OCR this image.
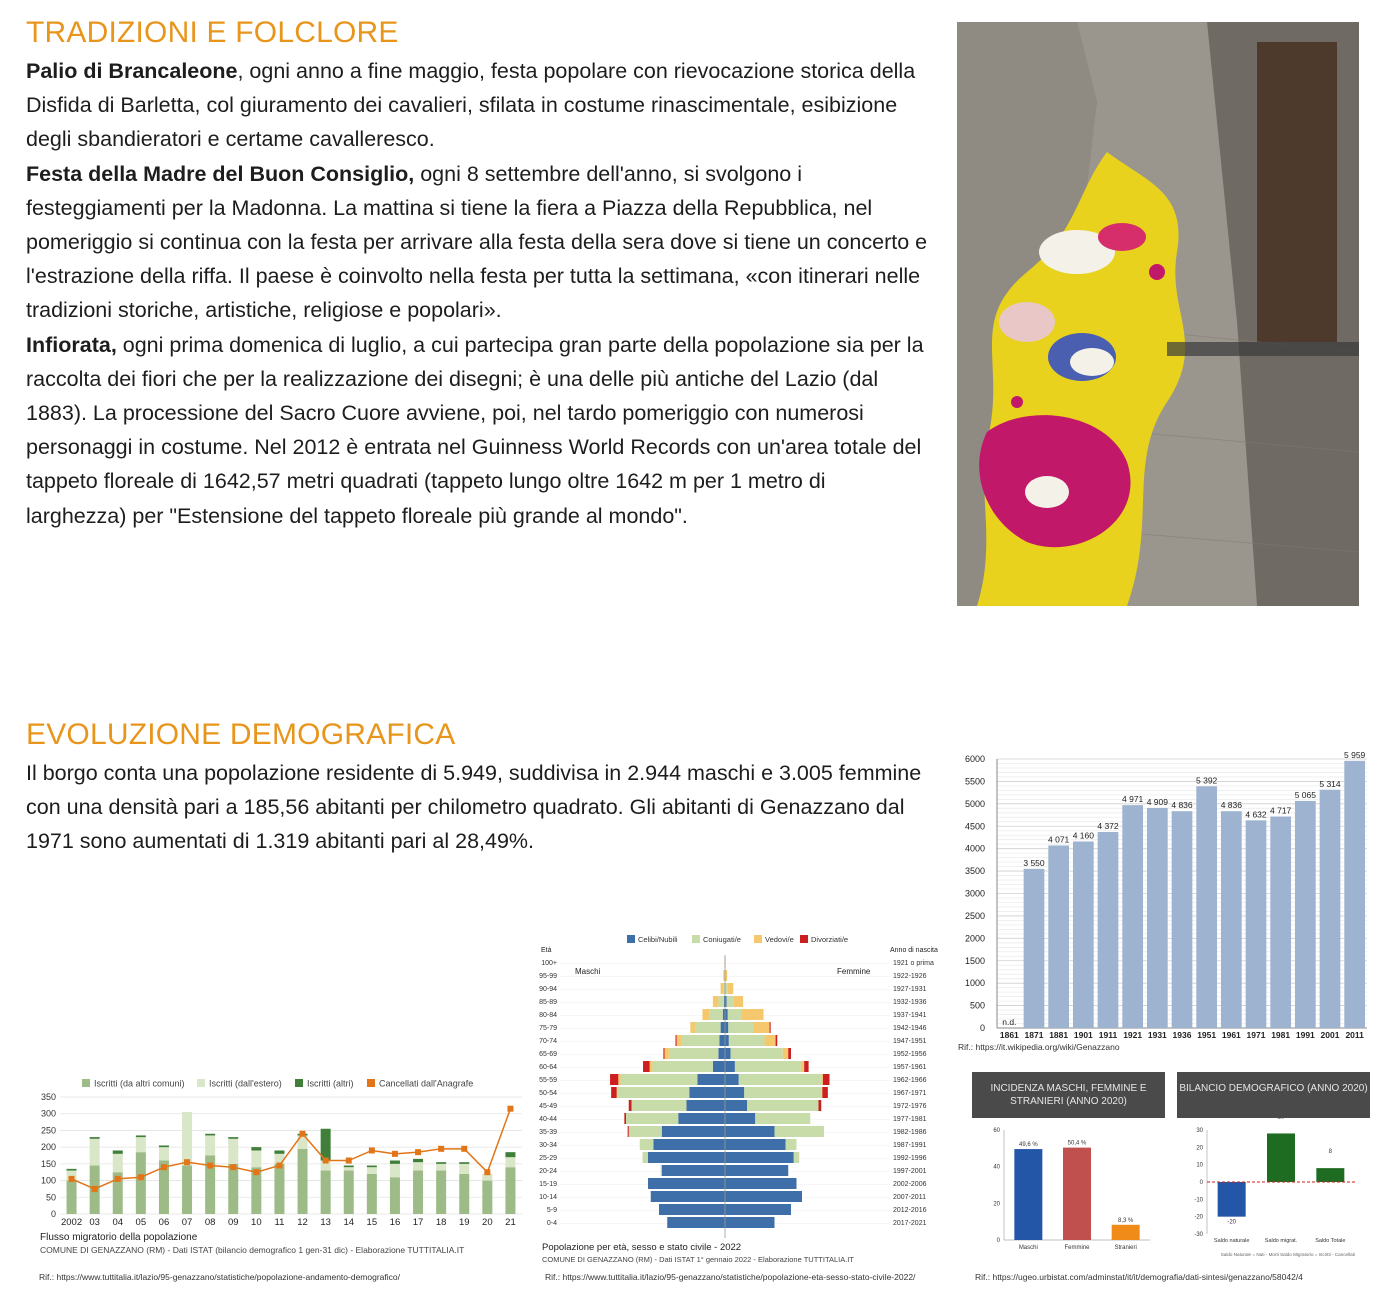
TRADIZIONI E FOLCLORE

Palio di Brancaleone, ogni anno a fine maggio, festa popolare con rievocazione storica della Disfida di Barletta, col giuramento dei cavalieri, sfilata in costume rinascimentale, esibizione degli sbandieratori e certame cavalleresco.

Festa della Madre del Buon Consiglio, ogni 8 settembre dell'anno, si svolgono i festeggiamenti per la Madonna. La mattina si tiene la fiera a Piazza della Repubblica, nel pomeriggio si continua con la festa per arrivare alla festa della sera dove si tiene un concerto e l'estrazione della riffa. Il paese è coinvolto nella festa per tutta la settimana, «con itinerari nelle tradizioni storiche, artistiche, religiose e popolari».

Infiorata, ogni prima domenica di luglio, a cui partecipa gran parte della popolazione sia per la raccolta dei fiori che per la realizzazione dei disegni; è una delle più antiche del Lazio (dal 1883). La processione del Sacro Cuore avviene, poi, nel tardo pomeriggio con numerosi personaggi in costume. Nel 2012 è entrata nel Guinness World Records con un'area totale del tappeto floreale di 1642,57 metri quadrati (tappeto lungo oltre 1642 m per 1 metro di larghezza) per "Estensione del tappeto floreale più grande al mondo".

EVOLUZIONE DEMOGRAFICA

Il borgo conta una popolazione residente di 5.949, suddivisa in 2.944 maschi e 3.005 femmine con una densità pari a 185,56 abitanti per chilometro quadrato. Gli abitanti di Genazzano dal 1971 sono aumentati di 1.319 abitanti pari al 28,49%.

0
500
1000
1500
2000
2500
3000
3500
4000
4500
5000
5500
6000
n.d.
1861
3 550
1871
4 071
1881
4 160
1901
4 372
1911
4 971
1921
4 909
1931
4 836
1936
5 392
1951
4 836
1961
4 632
1971
4 717
1981
5 065
1991
5 314
2001
5 959
2011
Rif.: https://it.wikipedia.org/wiki/Genazzano
0
50
100
150
200
250
300
350
Iscritti (da altri comuni)	Iscritti (dall'estero)	Iscritti (altri)	Cancellati dall'Anagrafe
2002 03 04 05 06 07 08 09 10 11 12 13 14 15 16 17 18 19 20 21
Flusso migratorio della popolazione
COMUNE DI GENAZZANO (RM) - Dati ISTAT (bilancio demografico 1 gen-31 dic) - Elaborazione TUTTITALIA.IT
Rif.: https://www.tuttitalia.it/lazio/95-genazzano/statistiche/popolazione-andamento-demografico/
Celibi/Nubili	Coniugati/e	Vedovi/e Divorziati/e
Età	Anno di nascita
Maschi	Femmine
100+	1921 o prima
95-99	1922-1926
90-94	1927-1931
85-89	1932-1936
80-84	1937-1941
75-79	1942-1946
70-74	1947-1951
65-69	1952-1956
60-64	1957-1961
55-59	1962-1966
50-54	1967-1971
45-49	1972-1976
40-44	1977-1981
35-39	1982-1986
30-34	1987-1991
25-29	1992-1996
20-24	1997-2001
15-19	2002-2006
10-14	2007-2011
5-9	2012-2016
0-4	2017-2021
Popolazione per età, sesso e stato civile - 2022
COMUNE DI GENAZZANO (RM) - Dati ISTAT 1° gennaio 2022 - Elaborazione TUTTITALIA.IT
Rif.: https://www.tuttitalia.it/lazio/95-genazzano/statistiche/popolazione-eta-sesso-stato-civile-2022/
INCIDENZA MASCHI, FEMMINE E STRANIERI (ANNO 2020)
0
20
40
60
49,6 %
Maschi
50,4 %
Femmine
8,3 %
Stranieri
BILANCIO DEMOGRAFICO (ANNO 2020)
-30
-20
-10
0
10
20
30
-20
Saldo naturale	Saldo migrat.
8
Saldo Totale
Saldo Naturale = Nati - Morti Saldo Migratorio = Iscritti - Cancellati
Rif.: https://ugeo.urbistat.com/adminstat/it/it/demografia/dati-sintesi/genazzano/58042/4
